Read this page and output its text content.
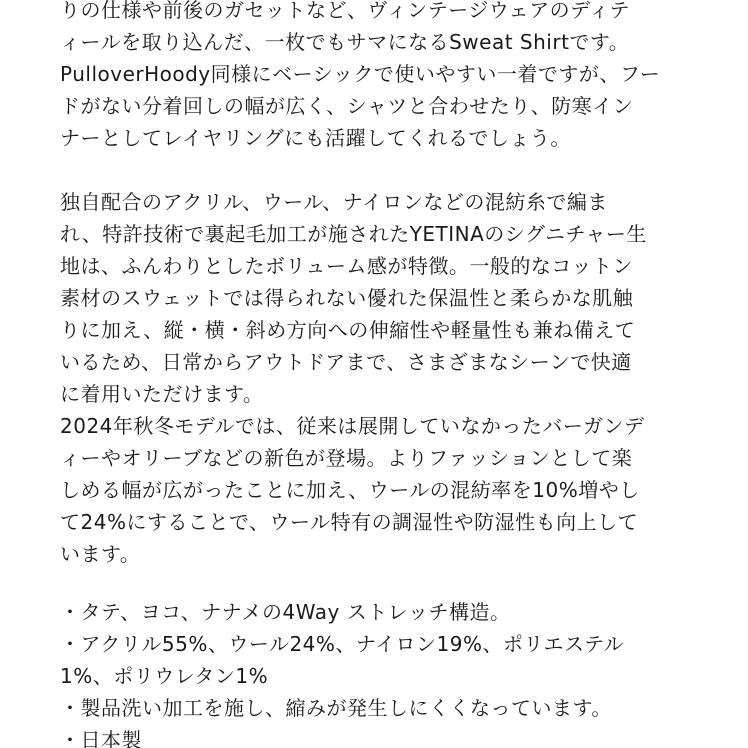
りの仕様や前後のガセットなど、ヴィンテージウェアのディテ
ィールを取り込んだ、一枚でもサマになるSweat Shirtです。
PulloverHoody同様にベーシックで使いやすい一着ですが、フー
ドがない分着回しの幅が広く、シャツと合わせたり、防寒イン
ナーとしてレイヤリングにも活躍してくれるでしょう。
独自配合のアクリル、ウール、ナイロンなどの混紡糸で編ま
れ、特許技術で裏起毛加工が施されたYETINAのシグニチャー生
地は、ふんわりとしたボリューム感が特徴。一般的なコットン
素材のスウェットでは得られない優れた保温性と柔らかな肌触
りに加え、縦・横・斜め方向への伸縮性や軽量性も兼ね備えて
いるため、日常からアウトドアまで、さまざまなシーンで快適
に着用いただけます。
2024年秋冬モデルでは、従来は展開していなかったバーガンデ
ィーやオリーブなどの新色が登場。よりファッションとして楽
しめる幅が広がったことに加え、ウールの混紡率を10%増やし
て24%にすることで、ウール特有の調湿性や防湿性も向上して
います。
・タテ、ヨコ、ナナメの4Way ストレッチ構造。
・アクリル55%、ウール24%、ナイロン19%、ポリエステル
1%、ポリウレタン1%
・製品洗い加工を施し、縮みが発生しにくくなっています。
・日本製
